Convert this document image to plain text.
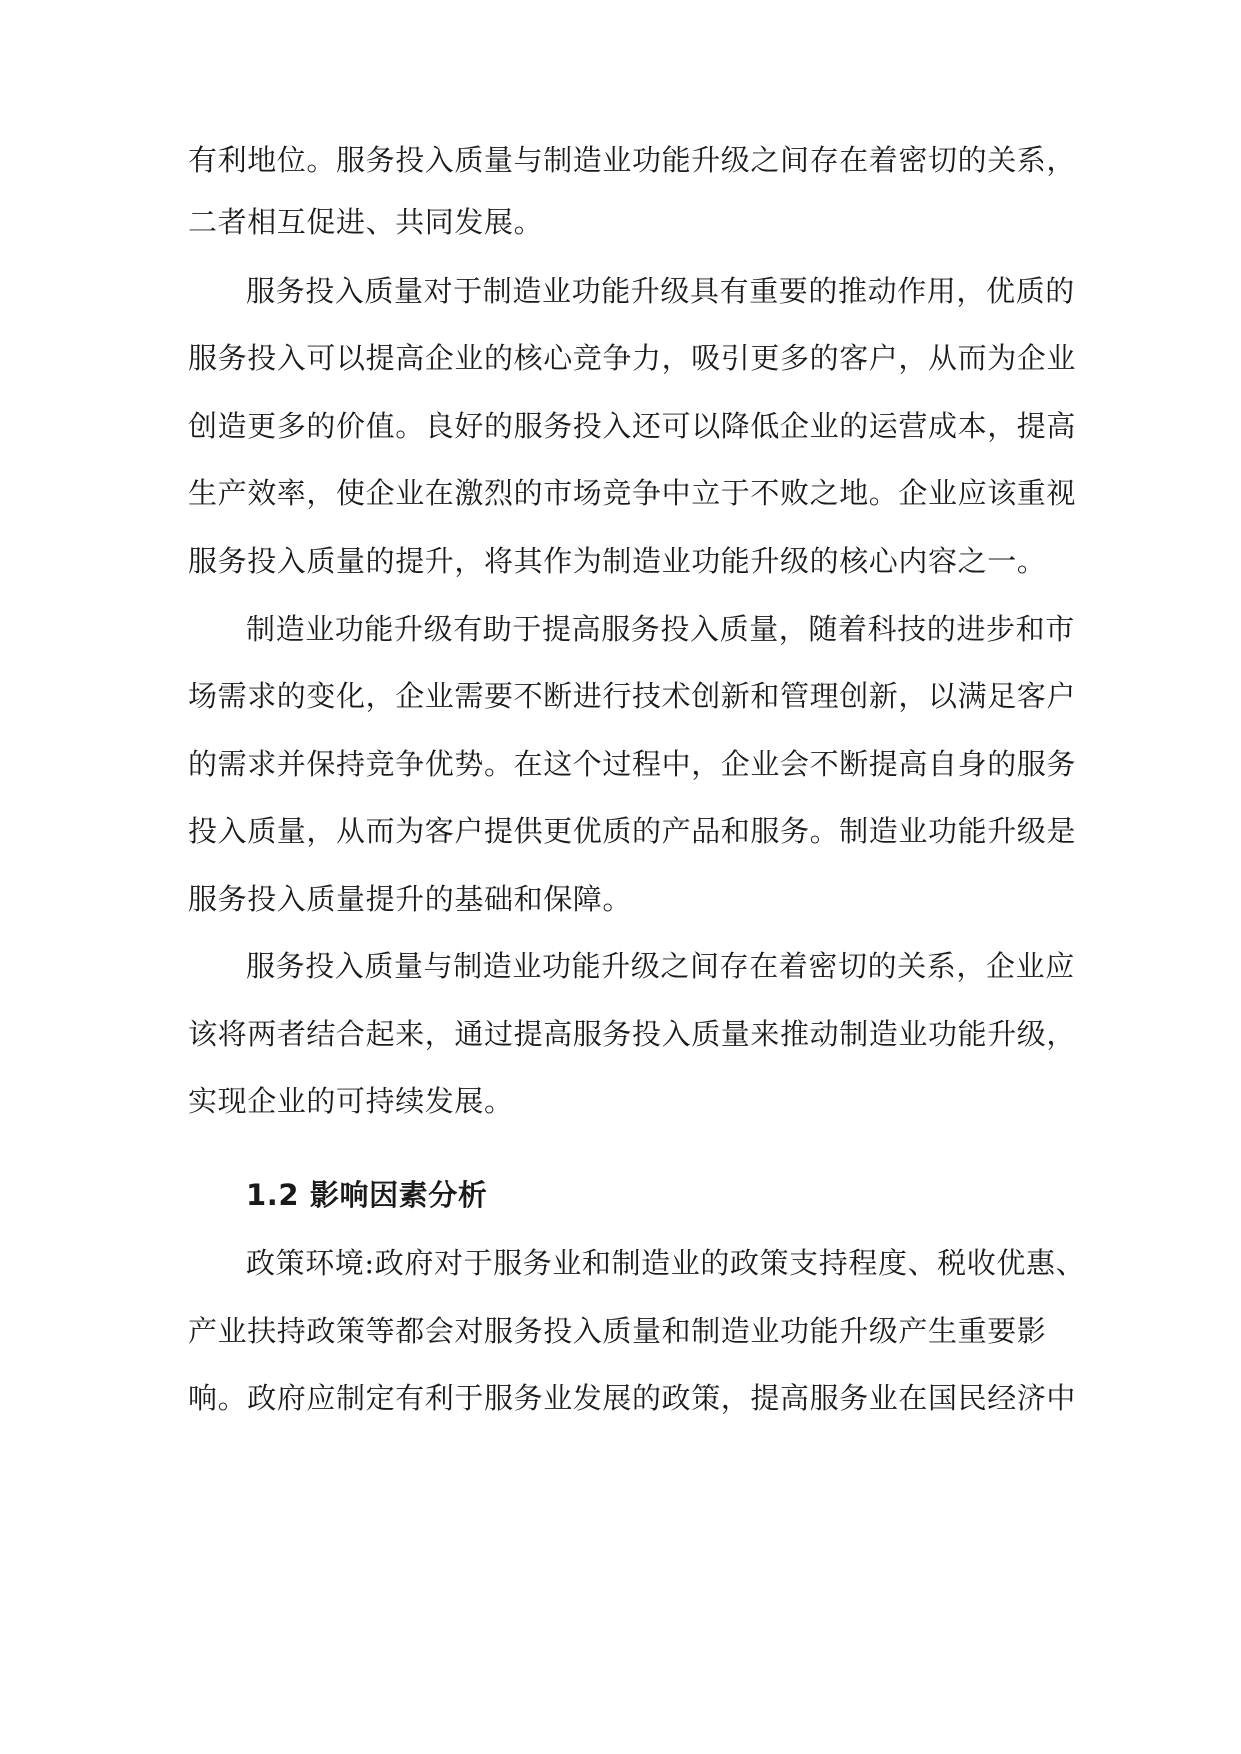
有利地位。服务投入质量与制造业功能升级之间存在着密切的关系，
二者相互促进、共同发展。
服务投入质量对于制造业功能升级具有重要的推动作用，优质的
服务投入可以提高企业的核心竞争力，吸引更多的客户，从而为企业
创造更多的价值。良好的服务投入还可以降低企业的运营成本，提高
生产效率，使企业在激烈的市场竞争中立于不败之地。企业应该重视
服务投入质量的提升，将其作为制造业功能升级的核心内容之一。
制造业功能升级有助于提高服务投入质量，随着科技的进步和市
场需求的变化，企业需要不断进行技术创新和管理创新，以满足客户
的需求并保持竞争优势。在这个过程中，企业会不断提高自身的服务
投入质量，从而为客户提供更优质的产品和服务。制造业功能升级是
服务投入质量提升的基础和保障。
服务投入质量与制造业功能升级之间存在着密切的关系，企业应
该将两者结合起来，通过提高服务投入质量来推动制造业功能升级，
实现企业的可持续发展。
1.2 影响因素分析
政策环境:政府对于服务业和制造业的政策支持程度、税收优惠、
产业扶持政策等都会对服务投入质量和制造业功能升级产生重要影
响。政府应制定有利于服务业发展的政策，提高服务业在国民经济中
